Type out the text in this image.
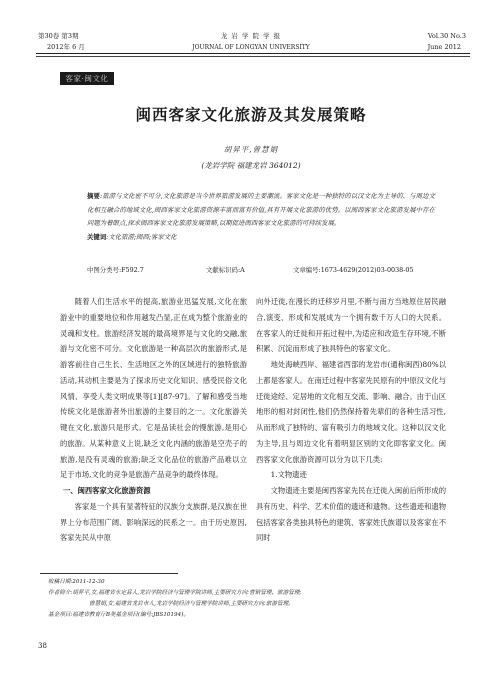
第30卷 第3期
2012年 6 月
龙 岩 学 院 学 报
JOURNAL OF LONGYAN UNIVERSITY
Vol.30 No.3
June 2012
客家·闽文化
闽西客家文化旅游及其发展策略
胡昇平,曾慧娟
(龙岩学院 福建龙岩 364012)
摘要:旅游与文化密不可分,文化旅游是当今世界旅游发展的主要潮流。客家文化是一种独特的以汉文化为主导的、与周边文化相互融合的地域文化,闽西客家文化旅游资源丰富而富有价值,具有开展文化旅游的优势。以闽西客家文化旅游发展中存在问题为着眼点,探求闽西客家文化旅游发展策略,以期促进闽西客家文化旅游的可持续发展。
关键词:文化旅游;闽西;客家文化
中图分类号:F592.7	文献标识码:A	文章编号:1673-4629(2012)03-0038-05

随着人们生活水平的提高,旅游业迅猛发展,文化在旅游业中的重要地位和作用越发凸显,正在成为整个旅游业的灵魂和支柱。旅游经济发展的最高境界是与文化的交融,旅游与文化密不可分。文化旅游是一种高层次的旅游形式,是游客前往自己生长、生活地区之外的区域进行的独特旅游活动,其动机主要是为了探求历史文化知识、感受民俗文化风情、享受人类文明成果等[1][87-97]。了解和感受当地传统文化是旅游者外出旅游的主要目的之一。文化旅游关键在文化,旅游只是形式。它是品读社会的慢旅游,是用心的旅游。从某种意义上说,缺乏文化内涵的旅游是空壳子的旅游,是没有灵魂的旅游;缺乏文化品位的旅游产品难以立足于市场,文化的竞争是旅游产品竞争的最终体现。

一、闽西客家文化旅游资源

客家是一个具有显著特征的汉族分支族群,是汉族在世界上分布范围广阔、影响深远的民系之一。由于历史原因,客家先民从中原

向外迁徙,在漫长的迁移岁月里,不断与南方当地原住居民融合,演变、形成和发展成为一个拥有数千万人口的大民系。在客家人的迁徙和开拓过程中,为适应和改造生存环境,不断积累、沉淀而形成了独具特色的客家文化。

地处海峡西岸、福建省西部的龙岩市(通称闽西)80%以上都是客家人。在南迁过程中客家先民原有的中原汉文化与迁徙途经、定居地的文化相互交流、影响、融合。由于山区地形的相对封闭性,他们仍然保持着先辈们的各种生活习性,从而形成了独特的、富有吸引力的地域文化。这种以汉文化为主导,且与周边文化有着明显区别的文化即客家文化。闽西客家文化旅游资源可以分为以下几类:

1.文物遗迹

文物遗迹主要是闽西客家先民在迁徙入闽前后所形成的具有历史、科学、艺术价值的遗迹和遗物。这些遗迹和遗物包括客家各类独具特色的建筑、客家姓氏族谱以及客家在不同时

收稿日期:2011-12-30
作者简介:胡昇平,女,福建省永定县人,龙岩学院经济与管理学院讲师,主要研究方向:营销管理、旅游管理;
曾慧娟,女,福建省龙岩市人,龙岩学院经济与管理学院讲师,主要研究方向:旅游管理。
基金项目:福建省教育厅B类基金项目(编号:JBS10194)。
38
